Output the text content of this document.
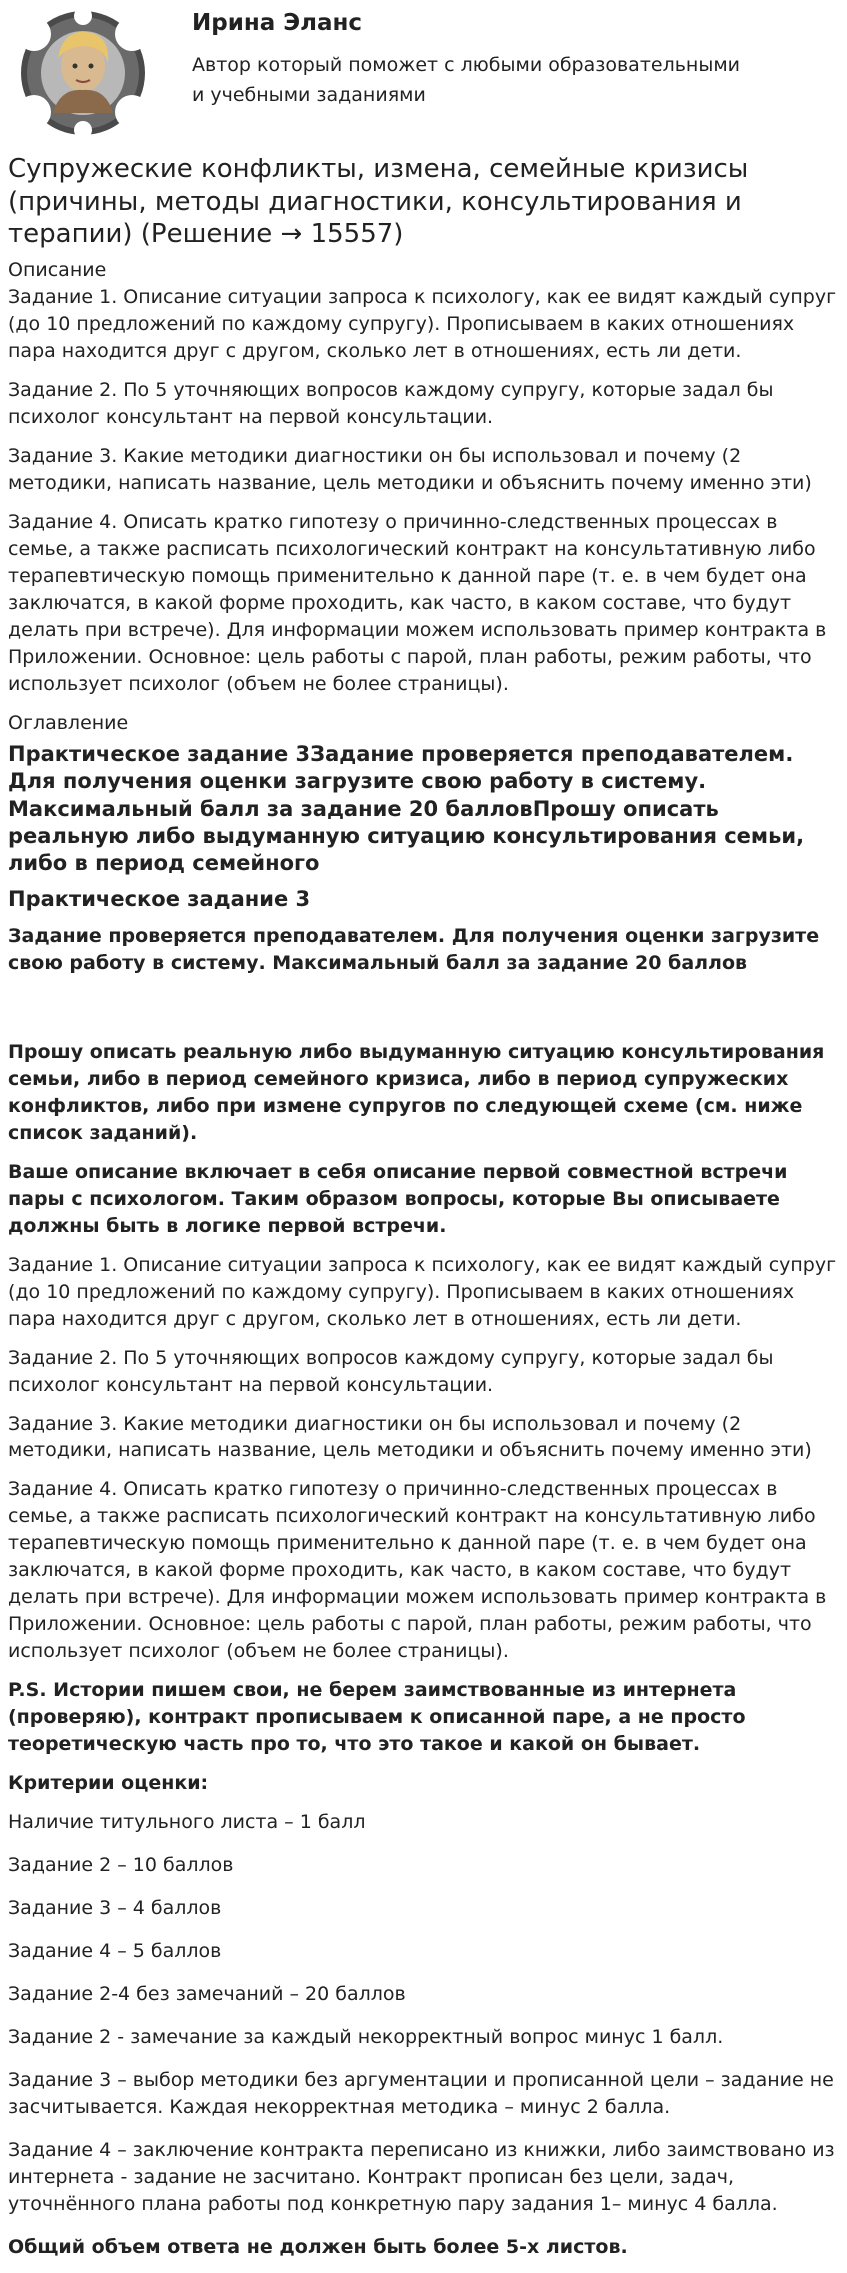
Ирина Эланс
Автор который поможет с любыми образовательными и учебными заданиями
Супружеские конфликты, измена, семейные кризисы (причины, методы диагностики, консультирования и терапии) (Решение → 15557)
Описание

Задание 1. Описание ситуации запроса к психологу, как ее видят каждый супруг (до 10 предложений по каждому супругу). Прописываем в каких отношениях пара находится друг с другом, сколько лет в отношениях, есть ли дети.

Задание 2. По 5 уточняющих вопросов каждому супругу, которые задал бы психолог консультант на первой консультации.

Задание 3. Какие методики диагностики он бы использовал и почему (2 методики, написать название, цель методики и объяснить почему именно эти)

Задание 4. Описать кратко гипотезу о причинно-следственных процессах в семье, а также расписать психологический контракт на консультативную либо терапевтическую помощь применительно к данной паре (т. е. в чем будет она заключатся, в какой форме проходить, как часто, в каком составе, что будут делать при встрече). Для информации можем использовать пример контракта в Приложении. Основное: цель работы с парой, план работы, режим работы, что использует психолог (объем не более страницы).

Оглавление
Практическое задание 3Задание проверяется преподавателем. Для получения оценки загрузите свою работу в систему. Максимальный балл за задание 20 балловПрошу описать реальную либо выдуманную ситуацию консультирования семьи, либо в период семейного
Практическое задание 3

Задание проверяется преподавателем. Для получения оценки загрузите свою работу в систему. Максимальный балл за задание 20 баллов

Прошу описать реальную либо выдуманную ситуацию консультирования семьи, либо в период семейного кризиса, либо в период супружеских конфликтов, либо при измене супругов по следующей схеме (см. ниже список заданий).

Ваше описание включает в себя описание первой совместной встречи пары с психологом. Таким образом вопросы, которые Вы описываете должны быть в логике первой встречи.

Задание 1. Описание ситуации запроса к психологу, как ее видят каждый супруг (до 10 предложений по каждому супругу). Прописываем в каких отношениях пара находится друг с другом, сколько лет в отношениях, есть ли дети.

Задание 2. По 5 уточняющих вопросов каждому супругу, которые задал бы психолог консультант на первой консультации.

Задание 3. Какие методики диагностики он бы использовал и почему (2 методики, написать название, цель методики и объяснить почему именно эти)

Задание 4. Описать кратко гипотезу о причинно-следственных процессах в семье, а также расписать психологический контракт на консультативную либо терапевтическую помощь применительно к данной паре (т. е. в чем будет она заключатся, в какой форме проходить, как часто, в каком составе, что будут делать при встрече). Для информации можем использовать пример контракта в Приложении. Основное: цель работы с парой, план работы, режим работы, что использует психолог (объем не более страницы).

P.S. Истории пишем свои, не берем заимствованные из интернета (проверяю), контракт прописываем к описанной паре, а не просто теоретическую часть про то, что это такое и какой он бывает.

Критерии оценки:

Наличие титульного листа – 1 балл

Задание 2 – 10 баллов

Задание 3 – 4 баллов

Задание 4 – 5 баллов

Задание 2-4 без замечаний – 20 баллов

Задание 2 - замечание за каждый некорректный вопрос минус 1 балл.

Задание 3 – выбор методики без аргументации и прописанной цели – задание не засчитывается. Каждая некорректная методика – минус 2 балла.

Задание 4 – заключение контракта переписано из книжки, либо заимствовано из интернета - задание не засчитано. Контракт прописан без цели, задач, уточнённого плана работы под конкретную пару задания 1– минус 4 балла.

Общий объем ответа не должен быть более 5-х листов.
